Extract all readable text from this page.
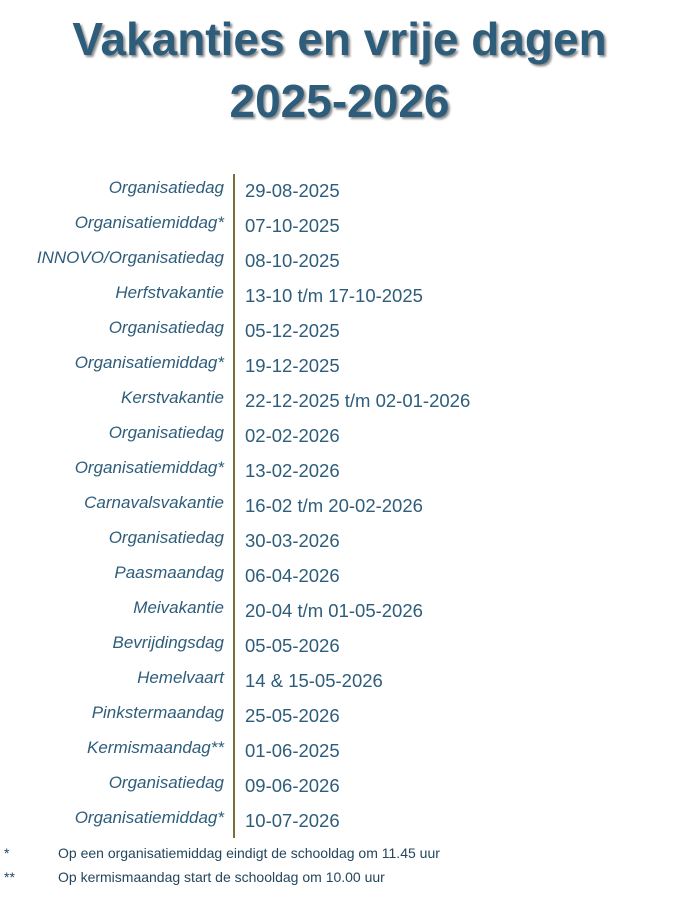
Vakanties en vrije dagen
2025-2026
Organisatiedag 29-08-2025
Organisatiemiddag* 07-10-2025
INNOVO/Organisatiedag 08-10-2025
Herfstvakantie 13-10 t/m 17-10-2025
Organisatiedag 05-12-2025
Organisatiemiddag* 19-12-2025
Kerstvakantie 22-12-2025 t/m 02-01-2026
Organisatiedag 02-02-2026
Organisatiemiddag* 13-02-2026
Carnavalsvakantie 16-02 t/m 20-02-2026
Organisatiedag 30-03-2026
Paasmaandag 06-04-2026
Meivakantie 20-04 t/m 01-05-2026
Bevrijdingsdag 05-05-2026
Hemelvaart 14 & 15-05-2026
Pinkstermaandag 25-05-2026
Kermismaandag** 01-06-2025
Organisatiedag 09-06-2026
Organisatiemiddag* 10-07-2026
*	Op een organisatiemiddag eindigt de schooldag om 11.45 uur
**	Op kermismaandag start de schooldag om 10.00 uur
